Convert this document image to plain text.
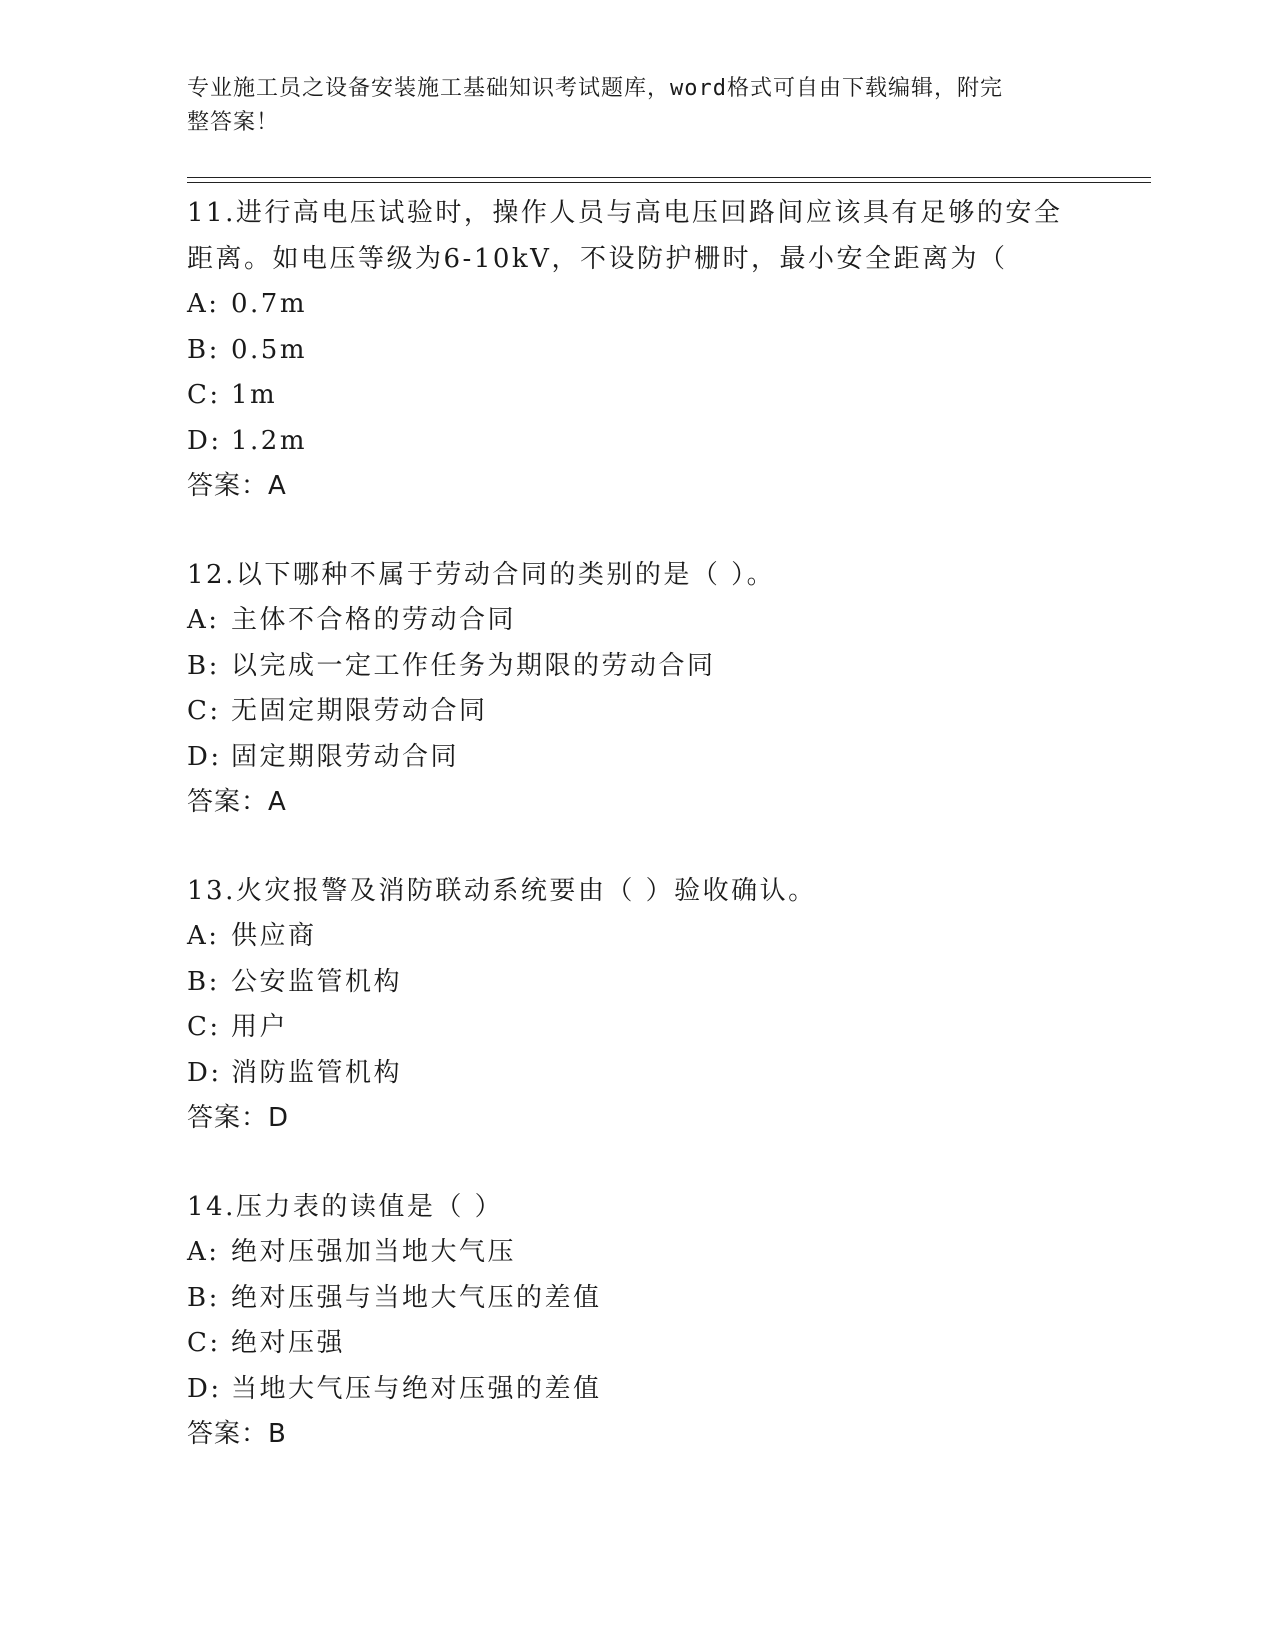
专业施工员之设备安装施工基础知识考试题库，word格式可自由下载编辑，附完
整答案！
11.进行高电压试验时，操作人员与高电压回路间应该具有足够的安全
距离。如电压等级为6-10kV，不设防护栅时，最小安全距离为（
A: 0.7m
B: 0.5m
C: 1m
D: 1.2m
答案：A
12.以下哪种不属于劳动合同的类别的是（ ）。
A: 主体不合格的劳动合同
B: 以完成一定工作任务为期限的劳动合同
C: 无固定期限劳动合同
D: 固定期限劳动合同
答案：A
13.火灾报警及消防联动系统要由（ ）验收确认。
A: 供应商
B: 公安监管机构
C: 用户
D: 消防监管机构
答案：D
14.压力表的读值是（ ）
A: 绝对压强加当地大气压
B: 绝对压强与当地大气压的差值
C: 绝对压强
D: 当地大气压与绝对压强的差值
答案：B
